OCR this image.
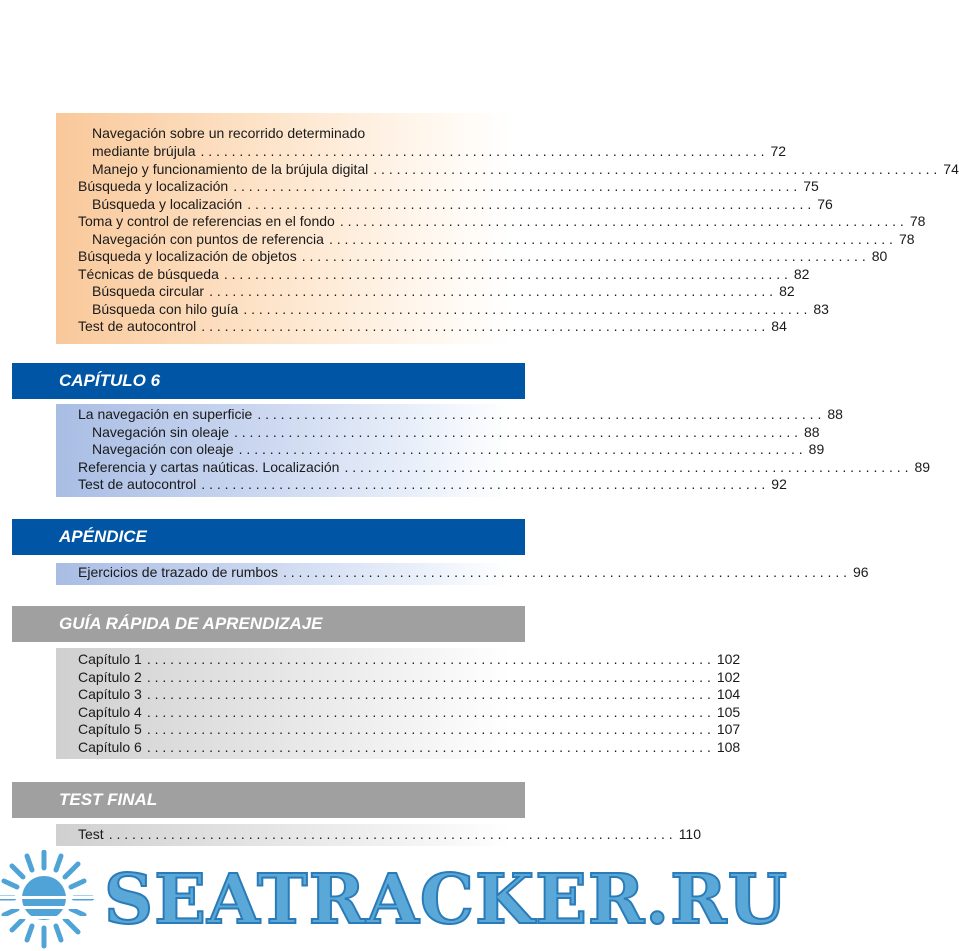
Navegación sobre un recorrido determinado
mediante brújula . . .	72
Manejo y funcionamiento de la brújula digital . . .	74
Búsqueda y localización . . .	75
Búsqueda y localización . . .	76
Toma y control de referencias en el fondo . . .	78
Navegación con puntos de referencia . . .	78
Búsqueda y localización de objetos . . .	80
Técnicas de búsqueda . . .	82
Búsqueda circular . . .	82
Búsqueda con hilo guía . . .	83
Test de autocontrol . . .	84
CAPÍTULO 6
La navegación en superficie . . .	88
Navegación sin oleaje . . .	88
Navegación con oleaje . . .	89
Referencia y cartas naúticas. Localización . . .	89
Test de autocontrol . . .	92
APÉNDICE
Ejercicios de trazado de rumbos . . .	96
GUÍA RÁPIDA DE APRENDIZAJE
Capítulo 1 . . .	102
Capítulo 2 . . .	102
Capítulo 3 . . .	104
Capítulo 4 . . .	105
Capítulo 5 . . .	107
Capítulo 6 . . .	108
TEST FINAL
Test . . .	110
SEATRACKER.RU
